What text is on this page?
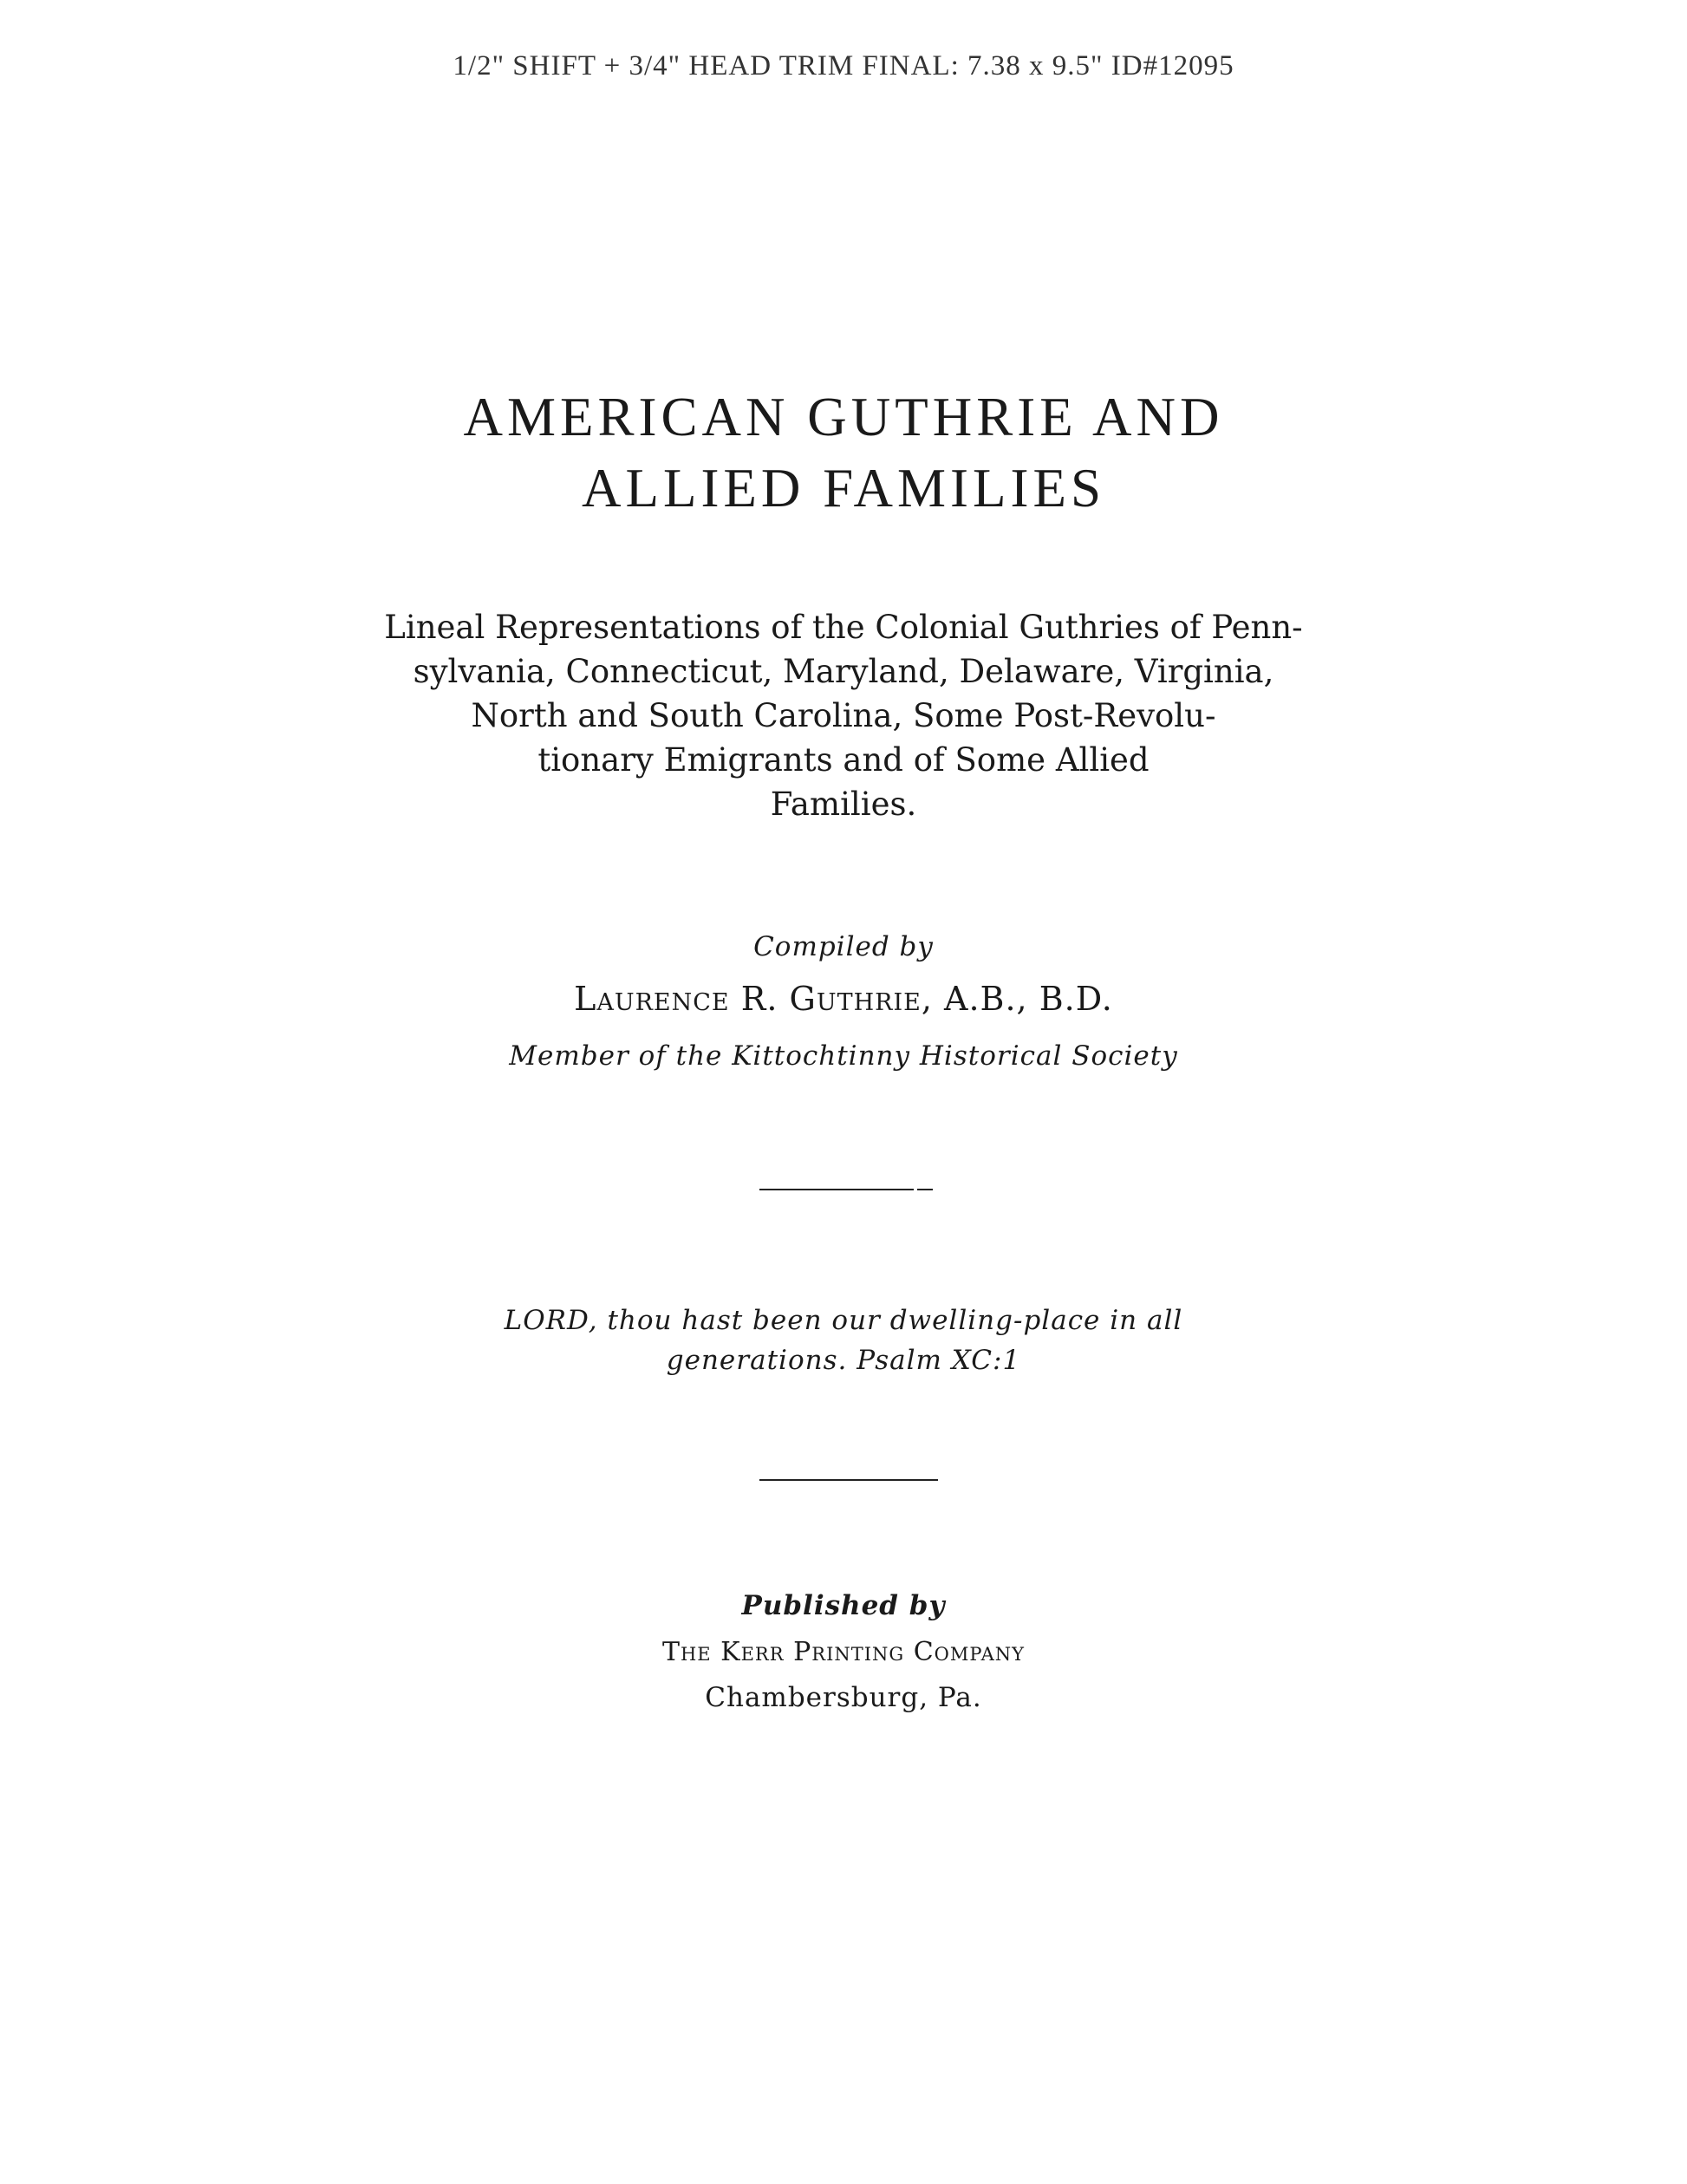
1/2" SHIFT + 3/4" HEAD TRIM FINAL: 7.38 x 9.5" ID#12095
AMERICAN GUTHRIE AND
ALLIED FAMILIES
Lineal Representations of the Colonial Guthries of Penn-
sylvania, Connecticut, Maryland, Delaware, Virginia,
North and South Carolina, Some Post-Revolu-
tionary Emigrants and of Some Allied
Families.
Compiled by
Laurence R. Guthrie, A.B., B.D.
Member of the Kittochtinny Historical Society
LORD, thou hast been our dwelling-place in all
generations. Psalm XC:1
Published by
The Kerr Printing Company
Chambersburg, Pa.
